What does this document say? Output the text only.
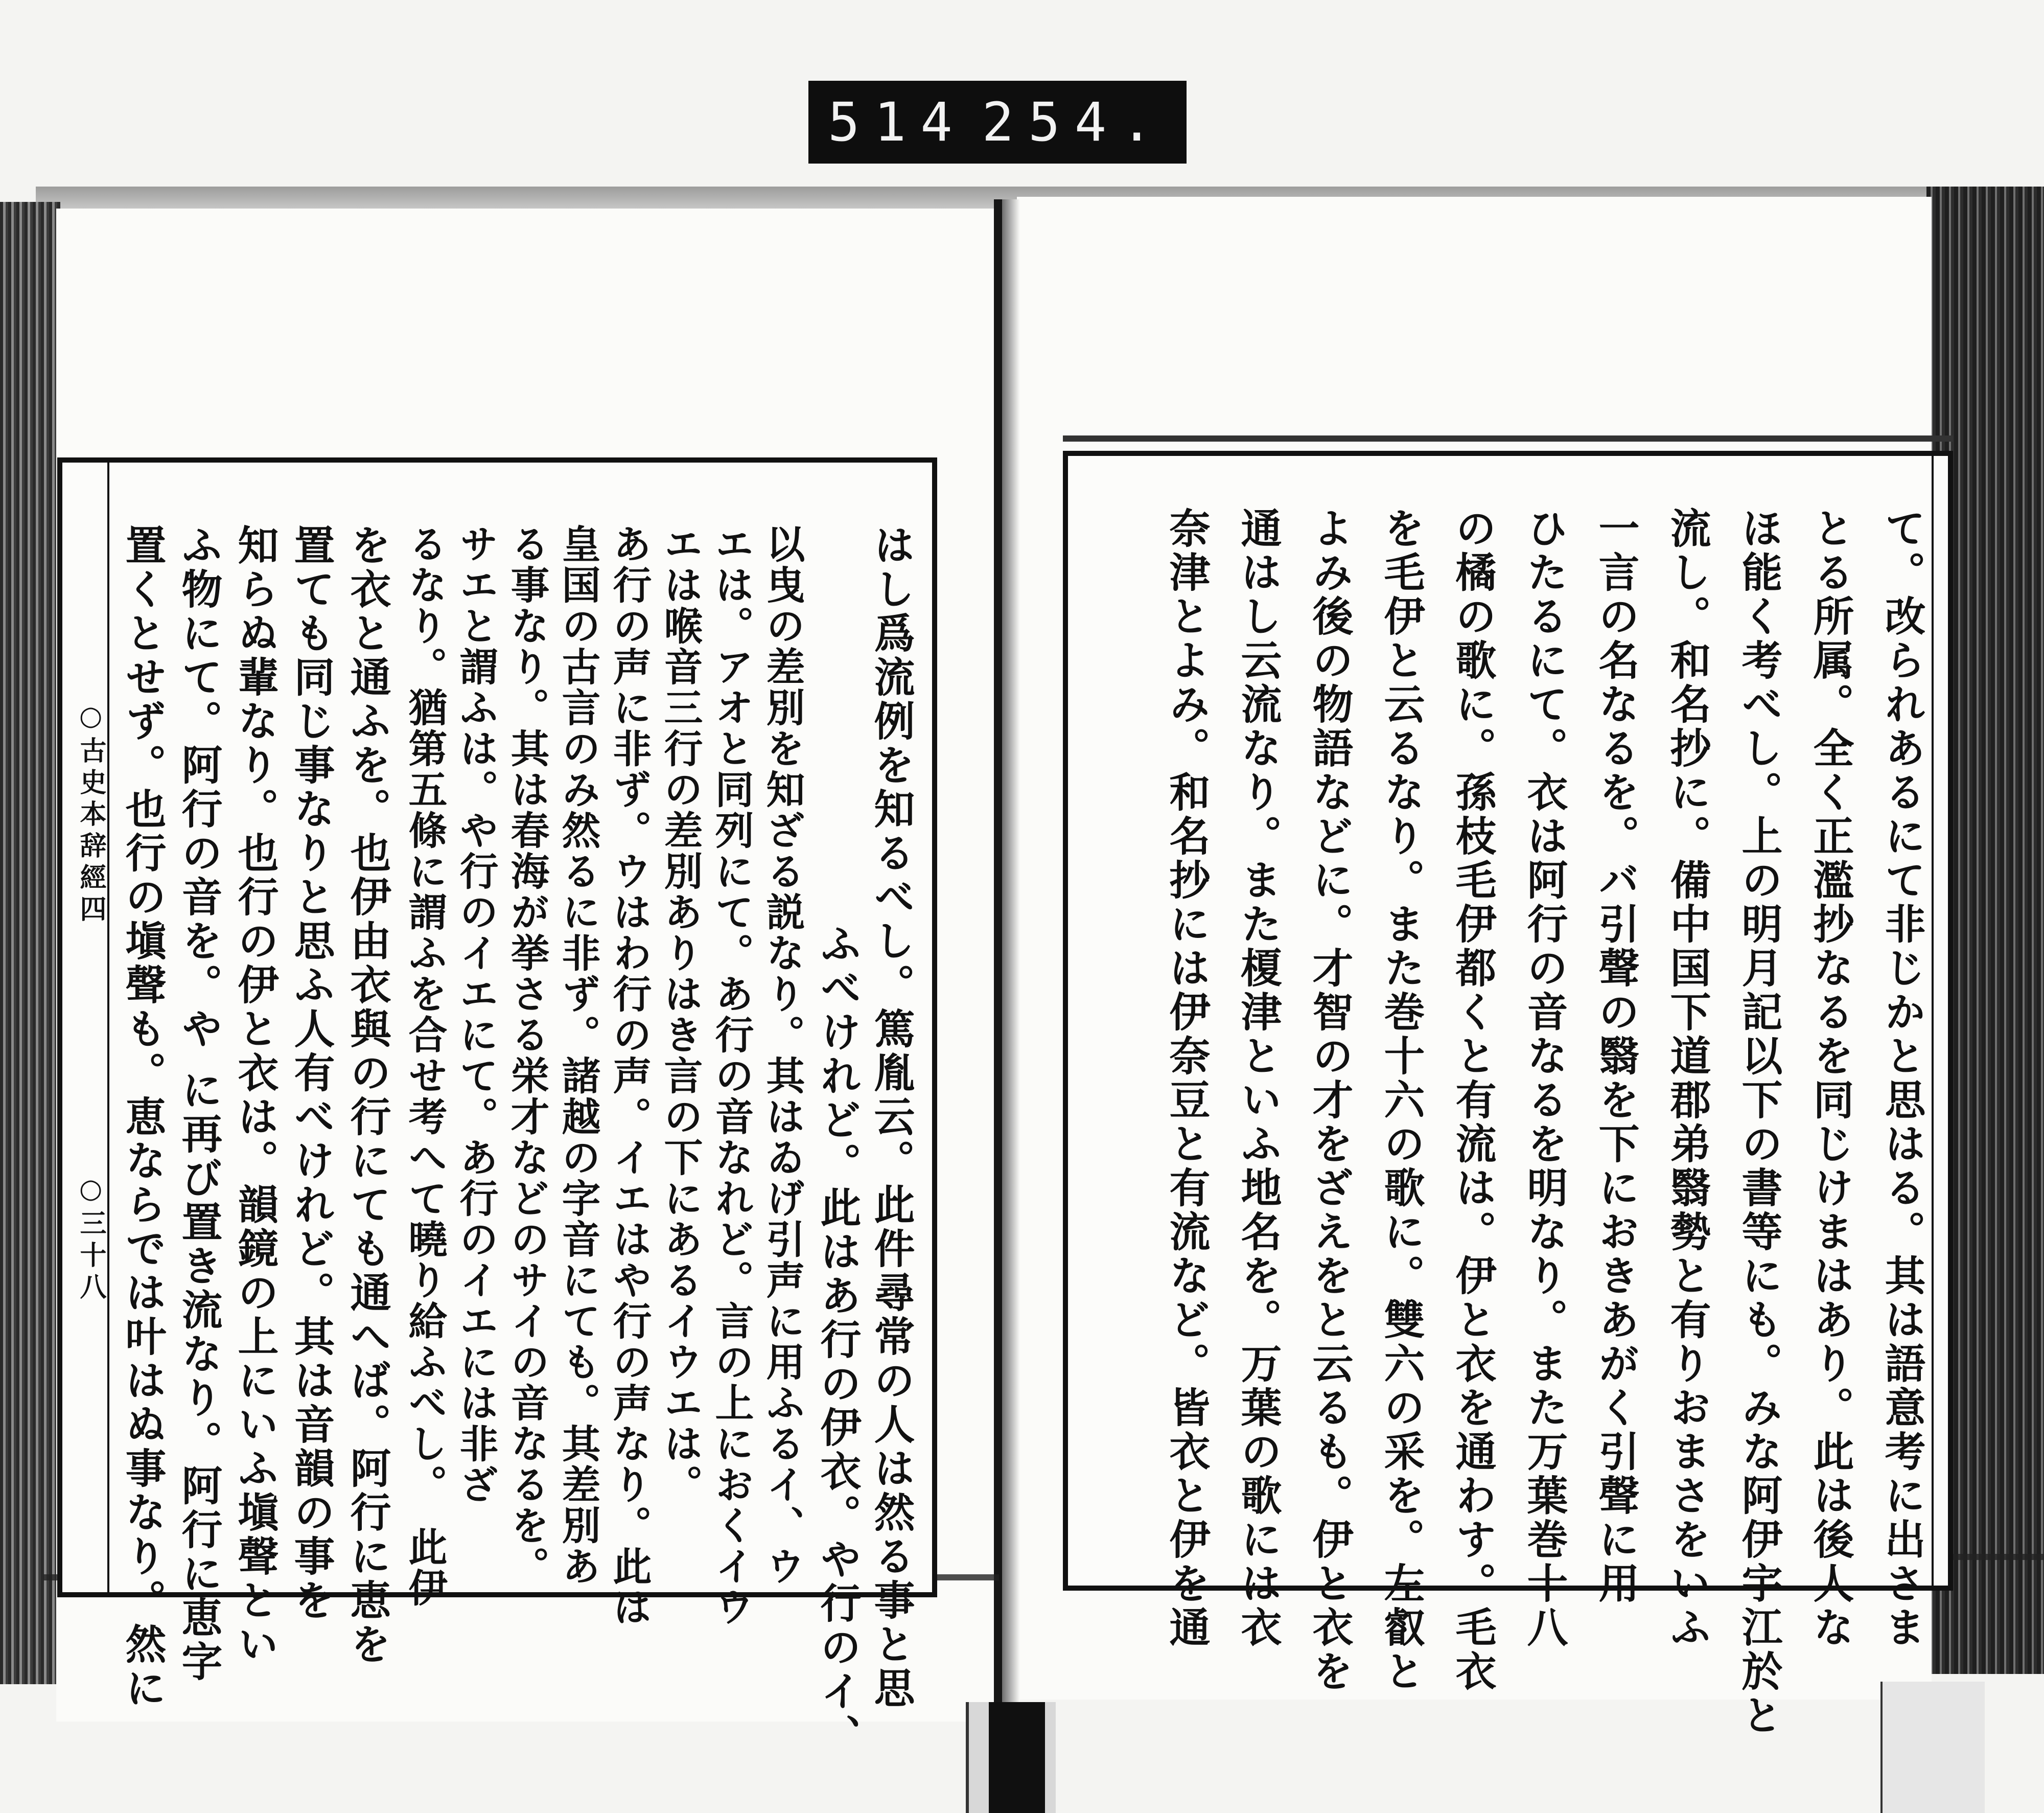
514 254.
○古史本辞經四
○三十八	はし爲流例を知るべし。篤胤云。此件尋常の人は然る事と思
ふべけれど。此はあ行の伊衣。や行のイ、
以曳の差別を知ざる説なり。其はゐげ引声に用ふるイ、ウ
エは。アオと同列にて。あ行の音なれど。言の上におくイウ
エは喉音三行の差別ありはき言の下にあるイウエは。
あ行の声に非ず。ウはわ行の声。イエはや行の声なり。此は
皇国の古言のみ然るに非ず。諸越の字音にても。其差別あ
る事なり。其は春海が挙さる栄才などのサイの音なるを。
サエと謂ふは。や行のイエにて。あ行のイエには非ざ
るなり。猶第五條に謂ふを合せ考へて曉り給ふべし。　此伊
を衣と通ふを。也伊由衣與の行にても通へば。阿行に恵を
置ても同じ事なりと思ふ人有べけれど。其は音韻の事を
知らぬ輩なり。也行の伊と衣は。韻鏡の上にいふ塡聲とい
ふ物にて。阿行の音を。や に再び置き流なり。阿行に恵字
置くとせず。也行の塡聲も。恵ならでは叶はぬ事なり。然に	て。改られあるにて非じかと思はる。其は語意考に出さま
とる所属。全く正濫抄なるを同じけまはあり。此は後人な
ほ能く考べし。上の明月記以下の書等にも。みな阿伊宇江於と
流し。和名抄に。備中国下道郡弟翳勢と有りおまさをいふ
一言の名なるを。バ引聲の翳を下におきあがく引聲に用
ひたるにて。衣は阿行の音なるを明なり。また万葉巻十八
の橘の歌に。孫枝毛伊都くと有流は。伊と衣を通わす。毛衣
を毛伊と云るなり。また巻十六の歌に。雙六の采を。左叡と
よみ後の物語などに。才智の才をざえをと云るも。伊と衣を
通はし云流なり。また榎津といふ地名を。万葉の歌には衣
奈津とよみ。和名抄には伊奈豆と有流など。皆衣と伊を通
